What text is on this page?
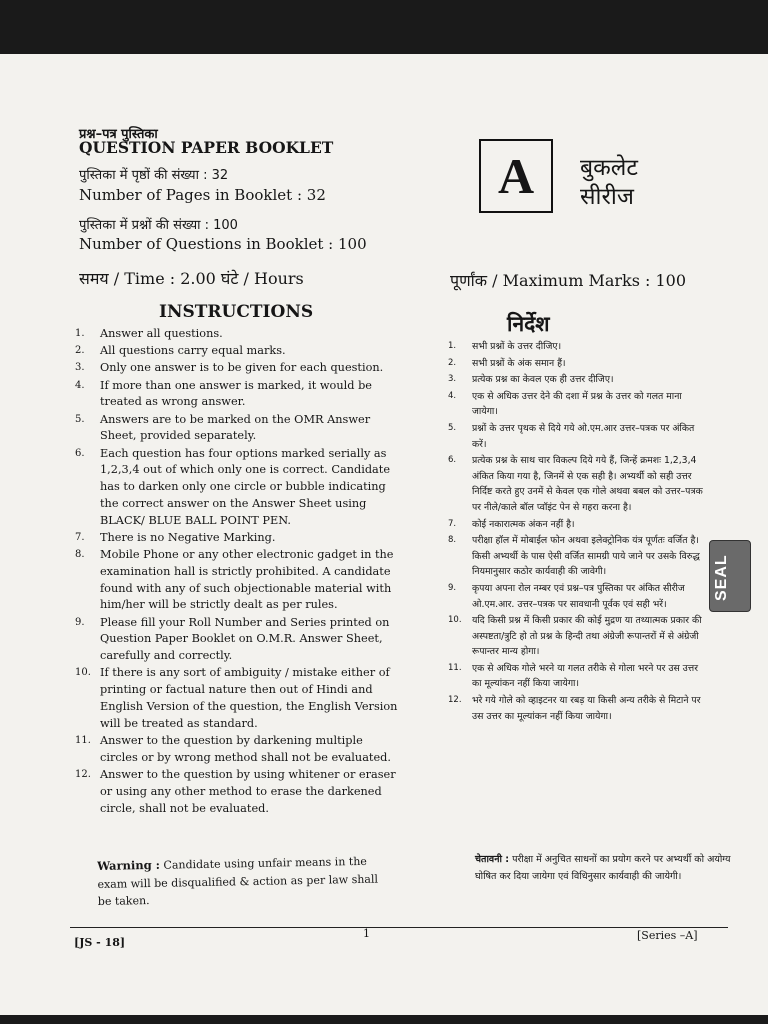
प्रश्न–पत्र पुस्तिका
QUESTION PAPER BOOKLET
पुस्तिका में पृष्ठों की संख्या : 32
Number of Pages in Booklet : 32
पुस्तिका में प्रश्नों की संख्या : 100
Number of Questions in Booklet : 100
समय / Time : 2.00 घंटे / Hours
A	बुकलेट
सीरीज
पूर्णांक / Maximum Marks : 100
INSTRUCTIONS
1. Answer all questions.
2. All questions carry equal marks.
3. Only one answer is to be given for each question.
4. If more than one answer is marked, it would be treated as wrong answer.
5. Answers are to be marked on the OMR Answer Sheet, provided separately.
6. Each question has four options marked serially as 1,2,3,4 out of which only one is correct. Candidate has to darken only one circle or bubble indicating the correct answer on the Answer Sheet using BLACK/ BLUE BALL POINT PEN.
7. There is no Negative Marking.
8. Mobile Phone or any other electronic gadget in the examination hall is strictly prohibited. A candidate found with any of such objectionable material with him/her will be strictly dealt as per rules.
9. Please fill your Roll Number and Series printed on Question Paper Booklet on O.M.R. Answer Sheet, carefully and correctly.
10. If there is any sort of ambiguity / mistake either of printing or factual nature then out of Hindi and English Version of the question, the English Version will be treated as standard.
11. Answer to the question by darkening multiple circles or by wrong method shall not be evaluated.
12. Answer to the question by using whitener or eraser or using any other method to erase the darkened circle, shall not be evaluated.
निर्देश
1. सभी प्रश्नों के उत्तर दीजिए।
2. सभी प्रश्नों के अंक समान हैं।
3. प्रत्येक प्रश्न का केवल एक ही उत्तर दीजिए।
4. एक से अधिक उत्तर देने की दशा में प्रश्न के उत्तर को गलत माना जायेगा।
5. प्रश्नों के उत्तर पृथक से दिये गये ओ.एम.आर उत्तर–पत्रक पर अंकित करें।
6. प्रत्येक प्रश्न के साथ चार विकल्प दिये गये हैं, जिन्हें क्रमशः 1,2,3,4 अंकित किया गया है, जिनमें से एक सही है। अभ्यर्थी को सही उत्तर निर्दिष्ट करते हुए उनमें से केवल एक गोले अथवा बबल को उत्तर–पत्रक पर नीले/काले बॉल प्वॉइंट पेन से गहरा करना है।
7. कोई नकारात्मक अंकन नहीं है।
8. परीक्षा हॉल में मोबाईल फोन अथवा इलेक्ट्रोनिक यंत्र पूर्णतः वर्जित है। किसी अभ्यर्थी के पास ऐसी वर्जित सामग्री पाये जाने पर उसके विरुद्ध नियमानुसार कठोर कार्यवाही की जावेगी।
9. कृपया अपना रोल नम्बर एवं प्रश्न–पत्र पुस्तिका पर अंकित सीरीज ओ.एम.आर. उत्तर–पत्रक पर सावधानी पूर्वक एवं सही भरें।
10. यदि किसी प्रश्न में किसी प्रकार की कोई मुद्रण या तथ्यात्मक प्रकार की अस्पष्टता/त्रुटि हो तो प्रश्न के हिन्दी तथा अंग्रेजी रूपान्तरों में से अंग्रेजी रूपान्तर मान्य होगा।
11. एक से अधिक गोले भरने या गलत तरीके से गोला भरने पर उस उत्तर का मूल्यांकन नहीं किया जायेगा।
12. भरे गये गोले को व्हाइटनर या रबड़ या किसी अन्य तरीके से मिटाने पर उस उत्तर का मूल्यांकन नहीं किया जायेगा।
Warning : Candidate using unfair means in the exam will be disqualified & action as per law shall be taken.
चेतावनी : परीक्षा में अनुचित साधनों का प्रयोग करने पर अभ्यर्थी को अयोग्य घोषित कर दिया जायेगा एवं विधिनुसार कार्यवाही की जायेगी।
[JS - 18]
1	[Series –A]
SEAL
